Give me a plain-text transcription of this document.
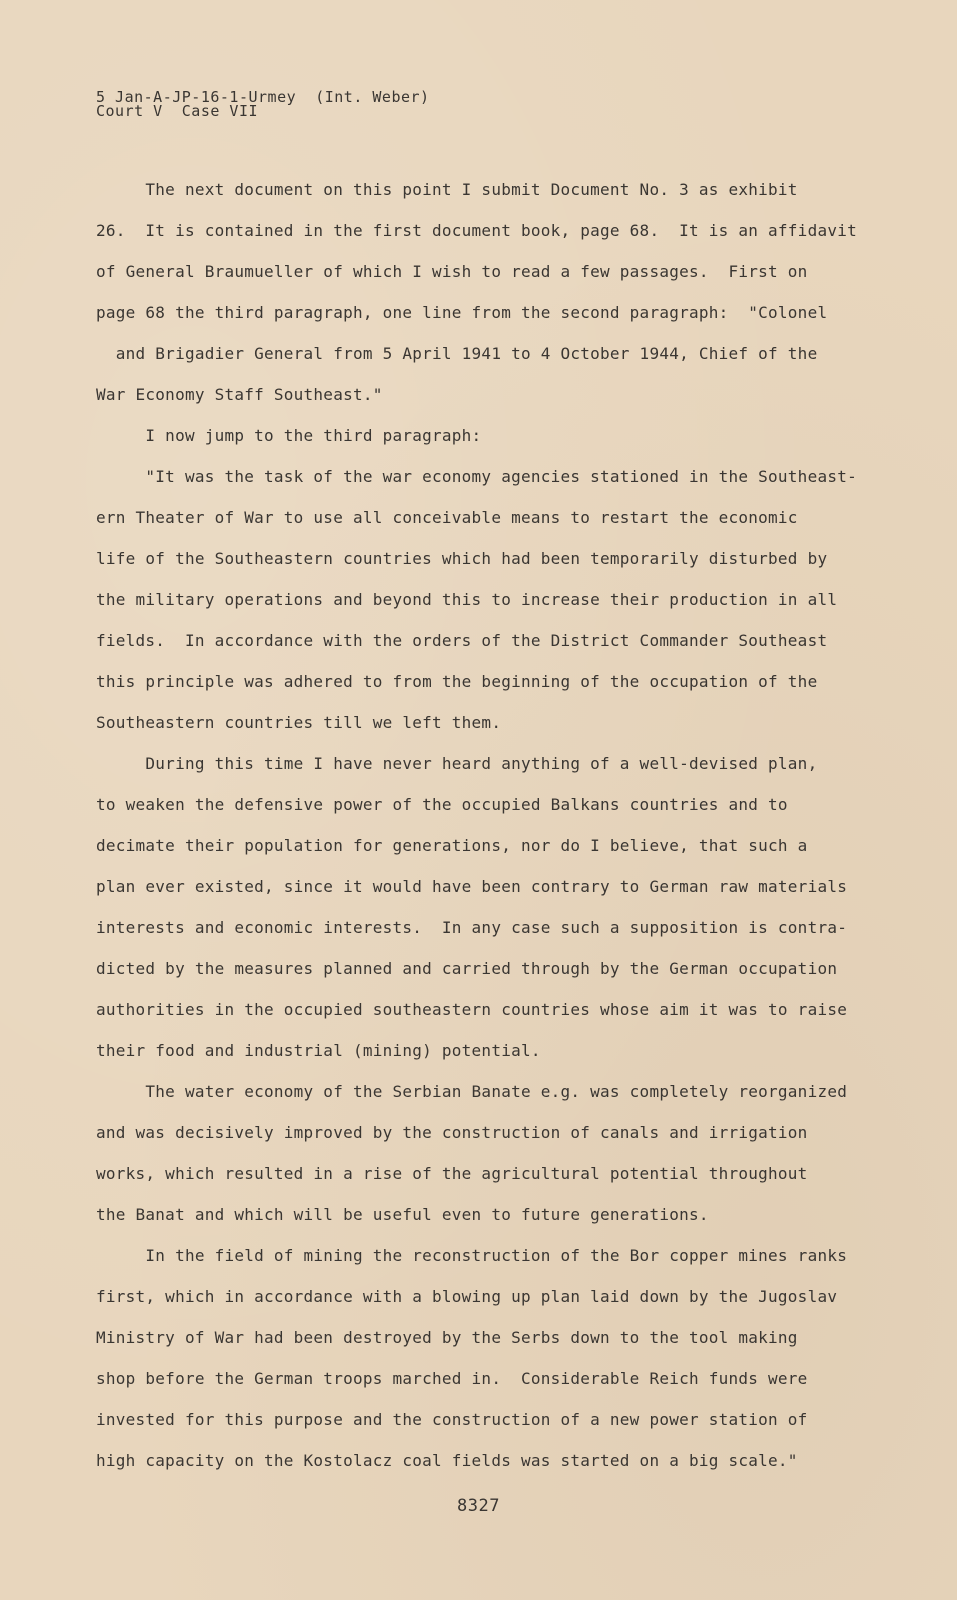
5 Jan-A-JP-16-1-Urmey  (Int. Weber)
Court V  Case VII
The next document on this point I submit Document No. 3 as exhibit
26.  It is contained in the first document book, page 68.  It is an affidavit
of General Braumueller of which I wish to read a few passages.  First on
page 68 the third paragraph, one line from the second paragraph:  "Colonel
and Brigadier General from 5 April 1941 to 4 October 1944, Chief of the
War Economy Staff Southeast."
I now jump to the third paragraph:
"It was the task of the war economy agencies stationed in the Southeast-
ern Theater of War to use all conceivable means to restart the economic
life of the Southeastern countries which had been temporarily disturbed by
the military operations and beyond this to increase their production in all
fields.  In accordance with the orders of the District Commander Southeast
this principle was adhered to from the beginning of the occupation of the
Southeastern countries till we left them.
During this time I have never heard anything of a well-devised plan,
to weaken the defensive power of the occupied Balkans countries and to
decimate their population for generations, nor do I believe, that such a
plan ever existed, since it would have been contrary to German raw materials
interests and economic interests.  In any case such a supposition is contra-
dicted by the measures planned and carried through by the German occupation
authorities in the occupied southeastern countries whose aim it was to raise
their food and industrial (mining) potential.
The water economy of the Serbian Banate e.g. was completely reorganized
and was decisively improved by the construction of canals and irrigation
works, which resulted in a rise of the agricultural potential throughout
the Banat and which will be useful even to future generations.
In the field of mining the reconstruction of the Bor copper mines ranks
first, which in accordance with a blowing up plan laid down by the Jugoslav
Ministry of War had been destroyed by the Serbs down to the tool making
shop before the German troops marched in.  Considerable Reich funds were
invested for this purpose and the construction of a new power station of
high capacity on the Kostolacz coal fields was started on a big scale."
8327
